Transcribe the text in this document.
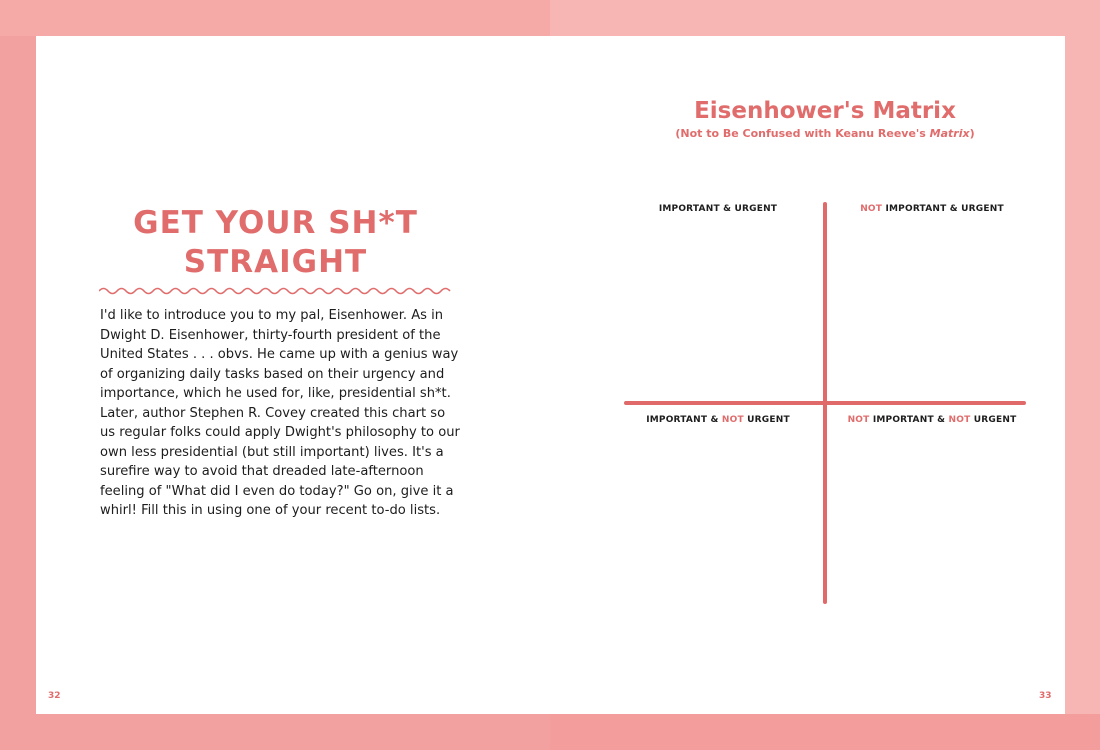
GET YOUR SH*T
STRAIGHT

I'd like to introduce you to my pal, Eisenhower. As in Dwight D. Eisenhower, thirty-fourth president of the United States . . . obvs. He came up with a genius way of organizing daily tasks based on their urgency and importance, which he used for, like, presidential sh*t. Later, author Stephen R. Covey created this chart so us regular folks could apply Dwight's philosophy to our own less presidential (but still important) lives. It's a surefire way to avoid that dreaded late-afternoon feeling of "What did I even do today?" Go on, give it a whirl! Fill this in using one of your recent to-do lists.

32
Eisenhower's Matrix
(Not to Be Confused with Keanu Reeve's Matrix)
IMPORTANT & URGENT	NOT IMPORTANT & URGENT
IMPORTANT & NOT URGENT	NOT IMPORTANT & NOT URGENT
33
